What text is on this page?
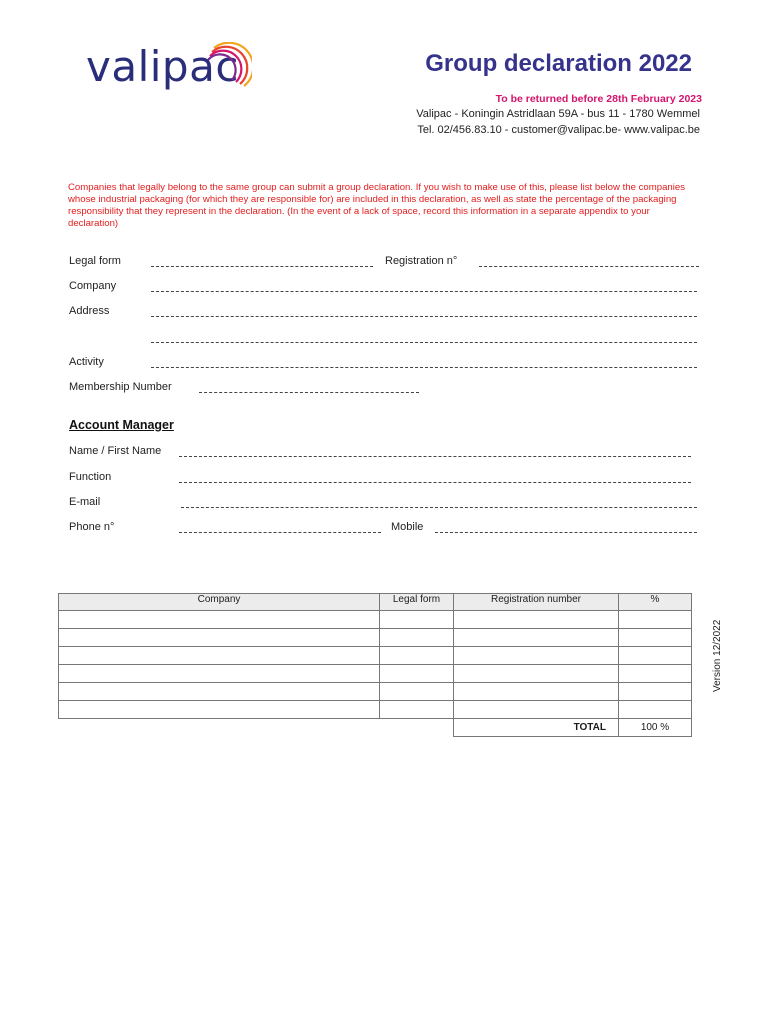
valipac	Group declaration 2022
To be returned before 28th February 2023
Valipac - Koningin Astridlaan 59A - bus 11 - 1780 Wemmel
Tel. 02/456.83.10 - customer@valipac.be- www.valipac.be
Companies that legally belong to the same group can submit a group declaration. If you wish to make use of this, please list below the companies whose industrial packaging (for which they are responsible for) are included in this declaration, as well as state the percentage of the packaging responsibility that they represent in the declaration. (In the event of a lack of space, record this information in a separate appendix to your declaration)
Legal form	Registration n°
Company
Address
Activity
Membership Number
Account Manager
Name / First Name
Function
E-mail
Phone n°	Mobile
Company	Legal form	Registration number	%

		TOTAL	100 %
Version 12/2022
